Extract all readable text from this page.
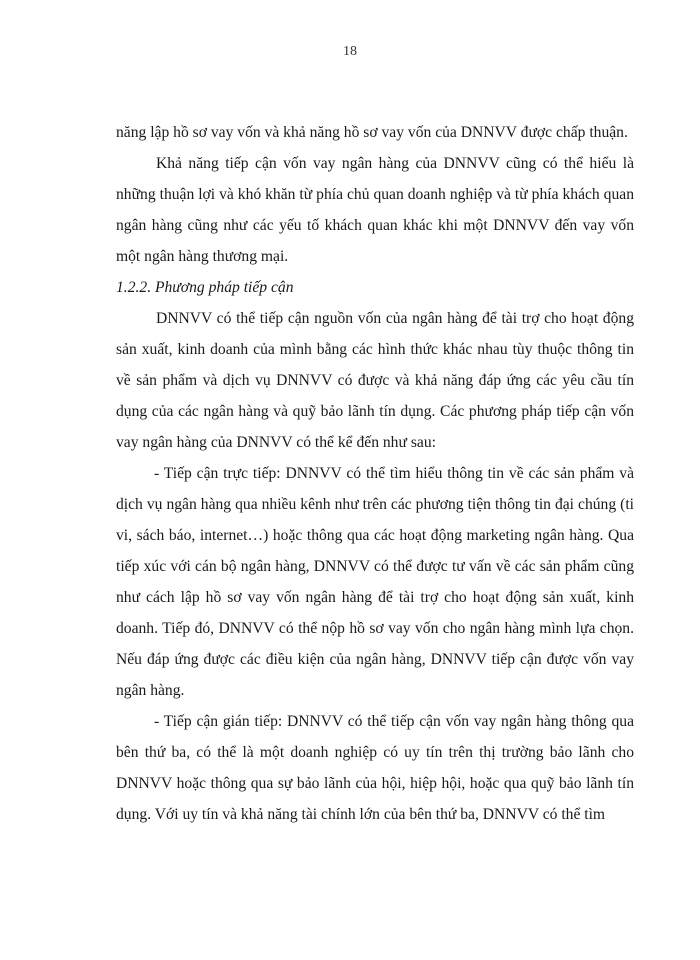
18

năng lập hồ sơ vay vốn và khả năng hồ sơ vay vốn của DNNVV được chấp thuận.

Khả năng tiếp cận vốn vay ngân hàng của DNNVV cũng có thể hiểu là những thuận lợi và khó khăn từ phía chủ quan doanh nghiệp và từ phía khách quan ngân hàng cũng như các yếu tố khách quan khác khi một DNNVV đến vay vốn một ngân hàng thương mại.

1.2.2. Phương pháp tiếp cận

DNNVV có thể tiếp cận nguồn vốn của ngân hàng để tài trợ cho hoạt động sản xuất, kinh doanh của mình bằng các hình thức khác nhau tùy thuộc thông tin về sản phẩm và dịch vụ DNNVV có được và khả năng đáp ứng các yêu cầu tín dụng của các ngân hàng và quỹ bảo lãnh tín dụng. Các phương pháp tiếp cận vốn vay ngân hàng của DNNVV có thể kể đến như sau:

- Tiếp cận trực tiếp: DNNVV có thể tìm hiểu thông tin về các sản phẩm và dịch vụ ngân hàng qua nhiều kênh như trên các phương tiện thông tin đại chúng (ti vi, sách báo, internet…) hoặc thông qua các hoạt động marketing ngân hàng. Qua tiếp xúc với cán bộ ngân hàng, DNNVV có thể được tư vấn về các sản phẩm cũng như cách lập hồ sơ vay vốn ngân hàng để tài trợ cho hoạt động sản xuất, kinh doanh. Tiếp đó, DNNVV có thể nộp hồ sơ vay vốn cho ngân hàng mình lựa chọn. Nếu đáp ứng được các điều kiện của ngân hàng, DNNVV tiếp cận được vốn vay ngân hàng.

- Tiếp cận gián tiếp: DNNVV có thể tiếp cận vốn vay ngân hàng thông qua bên thứ ba, có thể là một doanh nghiệp có uy tín trên thị trường bảo lãnh cho DNNVV hoặc thông qua sự bảo lãnh của hội, hiệp hội, hoặc qua quỹ bảo lãnh tín dụng. Với uy tín và khả năng tài chính lớn của bên thứ ba, DNNVV có thể tìm
